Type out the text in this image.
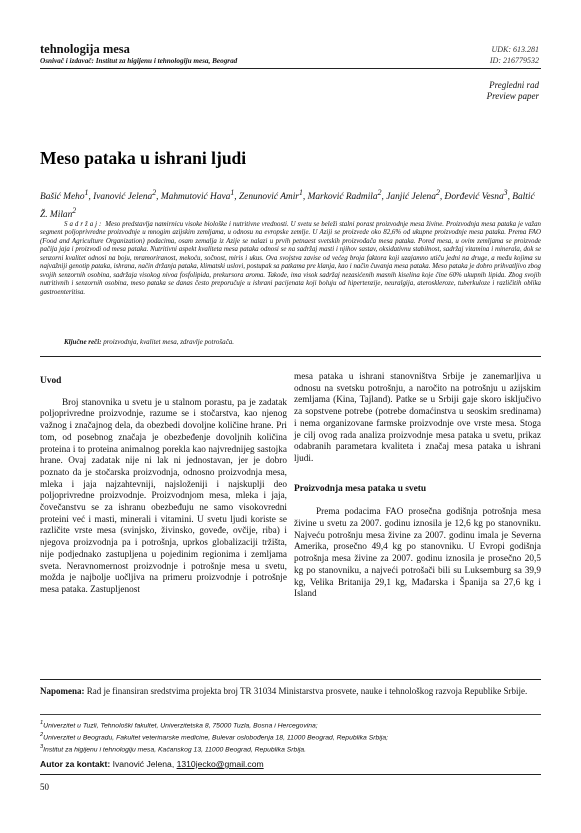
tehnologija mesa
Osnivač i izdavač: Institut za higijenu i tehnologiju mesa, Beograd
UDK: 613.281
ID: 216779532
Pregledni rad
Preview paper
Meso pataka u ishrani ljudi
Bašić Meho$^1$, Ivanović Jelena$^2$, Mahmutović Hava$^1$, Zenunović Amir$^1$, Marković Radmila$^2$, Janjić Jelena$^2$, Đorđević Vesna$^3$, Baltić Ž. Milan$^2$

Sadržaj: Meso predstavlja namirnicu visoke biološke i nutritivne vrednosti. U svetu se beleži stalni porast proizvodnje mesa živine. Proizvodnja mesa pataka je važan segment poljoprivredne proizvodnje u mnogim azijskim zemljama, u odnosu na evropske zemlje. U Aziji se proizvede oko 82,6% od ukupne proizvodnje mesa pataka. Prema FAO (Food and Agriculture Organization) podacima, osam zemalja iz Azije se nalazi u prvih petnaest svetskih proizvođača mesa pataka. Pored mesa, u ovim zemljama se proizvode pačija jaja i proizvodi od mesa pataka. Nutritivni aspekt kvaliteta mesa pataka odnosi se na sadržaj masti i njihov sastav, oksidativnu stabilnost, sadržaj vitamina i minerala, dok se senzorni kvalitet odnosi na boju, mramoriranost, mekoću, sočnost, miris i ukus. Ova svojstva zavise od većeg broja faktora koji uzajamno utiču jedni na druge, a među kojima su najvažniji genotip pataka, ishrana, način držanja pataka, klimatski uslovi, postupak sa patkama pre klanja, kao i način čuvanja mesa pataka. Meso pataka je dobro prihvatljivo zbog svojih senzornih osobina, sadržaja visokog nivoa fosfolipida, prekursora aroma. Takođe, ima visok sadržaj nezasićenih masnih kiselina koje čine 60% ukupnih lipida. Zbog svojih nutritivnih i senzornih osobina, meso pataka se danas često preporučuje u ishrani pacijenata koji boluju od hipertenzije, neuralgija, ateroskleroze, tuberkuloze i različitih oblika gastroenteritisa.

Ključne reči: proizvodnja, kvalitet mesa, zdravlje potrošača.
Uvod

Broj stanovnika u svetu je u stalnom porastu, pa je zadatak poljoprivredne proizvodnje, razume se i stočarstva, kao njenog važnog i značajnog dela, da obezbedi dovoljne količine hrane. Pri tom, od posebnog značaja je obezbeđenje dovoljnih količina proteina i to proteina animalnog porekla kao najvrednijeg sastojka hrane. Ovaj zadatak nije ni lak ni jednostavan, jer je dobro poznato da je stočarska proizvodnja, odnosno proizvodnja mesa, mleka i jaja najzahtevniji, najsloženiji i najskuplji deo poljoprivredne proizvodnje. Proizvodnjom mesa, mleka i jaja, čovečanstvu se za ishranu obezbeđuju ne samo visokovredni proteini već i masti, minerali i vitamini. U svetu ljudi koriste se različite vrste mesa (svinjsko, živinsko, goveđe, ovčije, riba) i njegova proizvodnja pa i potrošnja, uprkos globalizaciji tržišta, nije podjednako zastupljena u pojedinim regionima i zemljama sveta. Neravnomernost proizvodnje i potrošnje mesa u svetu, možda je najbolje uočljiva na primeru proizvodnje i potrošnje mesa pataka. Zastupljenost

mesa pataka u ishrani stanovništva Srbije je zanemarljiva u odnosu na svetsku potrošnju, a naročito na potrošnju u azijskim zemljama (Kina, Tajland). Patke se u Srbiji gaje skoro isključivo za sopstvene potrebe (potrebe domaćinstva u seoskim sredinama) i nema organizovane farmske proizvodnje ove vrste mesa. Stoga je cilj ovog rada analiza proizvodnje mesa pataka u svetu, prikaz odabranih parametara kvaliteta i značaj mesa pataka u ishrani ljudi.

Proizvodnja mesa pataka u svetu

Prema podacima FAO prosečna godišnja potrošnja mesa živine u svetu za 2007. godinu iznosila je 12,6 kg po stanovniku. Najveću potrošnju mesa živine za 2007. godinu imala je Severna Amerika, prosečno 49,4 kg po stanovniku. U Evropi godišnja potrošnja mesa živine za 2007. godinu iznosila je prosečno 20,5 kg po stanovniku, a najveći potrošači bili su Luksemburg sa 39,9 kg, Velika Britanija 29,1 kg, Mađarska i Španija sa 27,6 kg i Island

Napomena: Rad je finansiran sredstvima projekta broj TR 31034 Ministarstva prosvete, nauke i tehnološkog razvoja Republike Srbije.
$^1$Univerzitet u Tuzli, Tehnološki fakultet, Univerzitetska 8, 75000 Tuzla, Bosna i Hercegovina;
$^2$Univerzitet u Beogradu, Fakultet veterinarske medicine, Bulevar oslobođenja 18, 11000 Beograd, Republika Srbija;
$^3$Institut za higijenu i tehnologiju mesa, Kaćanskog 13, 11000 Beograd, Republika Srbija.
Autor za kontakt: Ivanović Jelena, 1310jecko@gmail.com
50
